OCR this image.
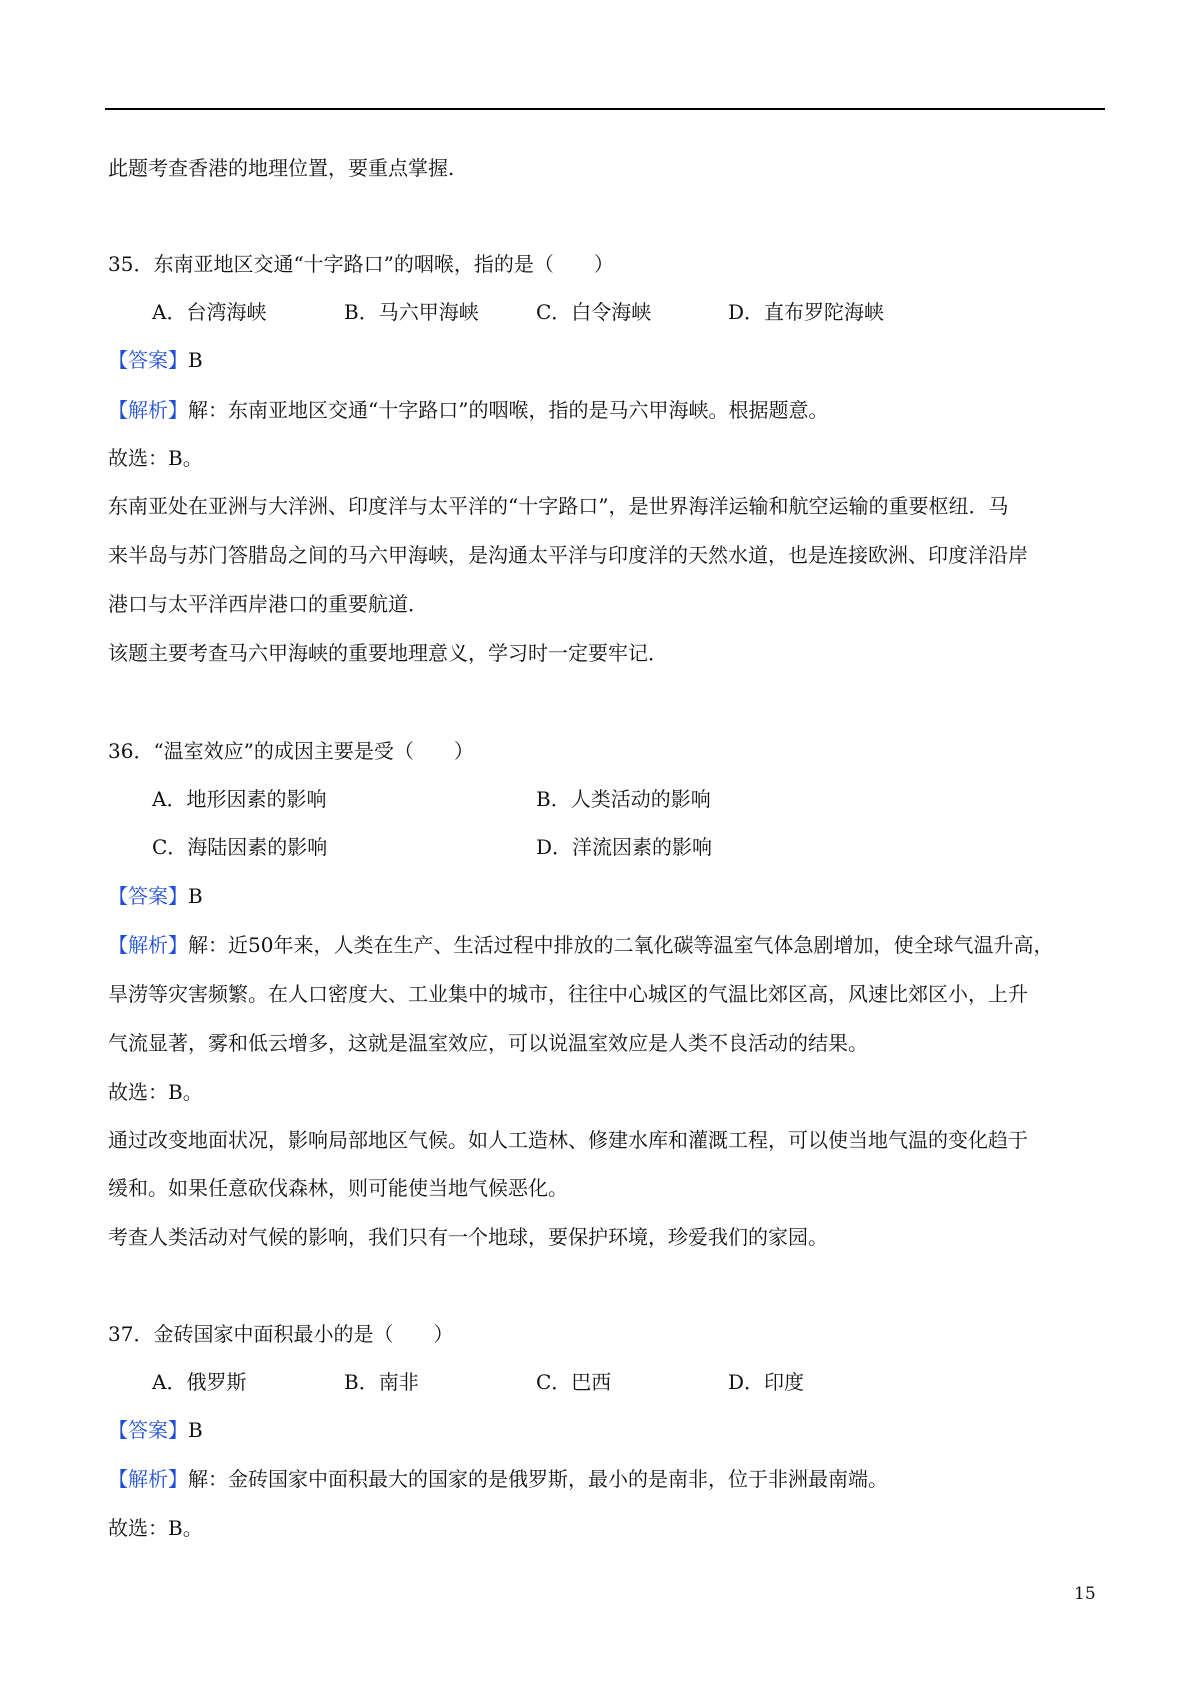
此题考查香港的地理位置，要重点掌握.
35．东南亚地区交通“十字路口”的咽喉，指的是（　　）
A．台湾海峡	B．马六甲海峡	C．白令海峡	D．直布罗陀海峡
【答案】B
【解析】解：东南亚地区交通“十字路口”的咽喉，指的是马六甲海峡。根据题意。
故选：B。
东南亚处在亚洲与大洋洲、印度洋与太平洋的“十字路口”，是世界海洋运输和航空运输的重要枢纽．马
来半岛与苏门答腊岛之间的马六甲海峡，是沟通太平洋与印度洋的天然水道，也是连接欧洲、印度洋沿岸
港口与太平洋西岸港口的重要航道．
该题主要考查马六甲海峡的重要地理意义，学习时一定要牢记．
36．“温室效应”的成因主要是受（　　）
A．地形因素的影响	B．人类活动的影响
C．海陆因素的影响	D．洋流因素的影响
【答案】B
【解析】解：近50年来，人类在生产、生活过程中排放的二氧化碳等温室气体急剧增加，使全球气温升高，
旱涝等灾害频繁。在人口密度大、工业集中的城市，往往中心城区的气温比郊区高，风速比郊区小，上升
气流显著，雾和低云增多，这就是温室效应，可以说温室效应是人类不良活动的结果。
故选：B。
通过改变地面状况，影响局部地区气候。如人工造林、修建水库和灌溉工程，可以使当地气温的变化趋于
缓和。如果任意砍伐森林，则可能使当地气候恶化。
考查人类活动对气候的影响，我们只有一个地球，要保护环境，珍爱我们的家园。
37．金砖国家中面积最小的是（　　）
A．俄罗斯	B．南非	C．巴西	D．印度
【答案】B
【解析】解：金砖国家中面积最大的国家的是俄罗斯，最小的是南非，位于非洲最南端。
故选：B。
15
